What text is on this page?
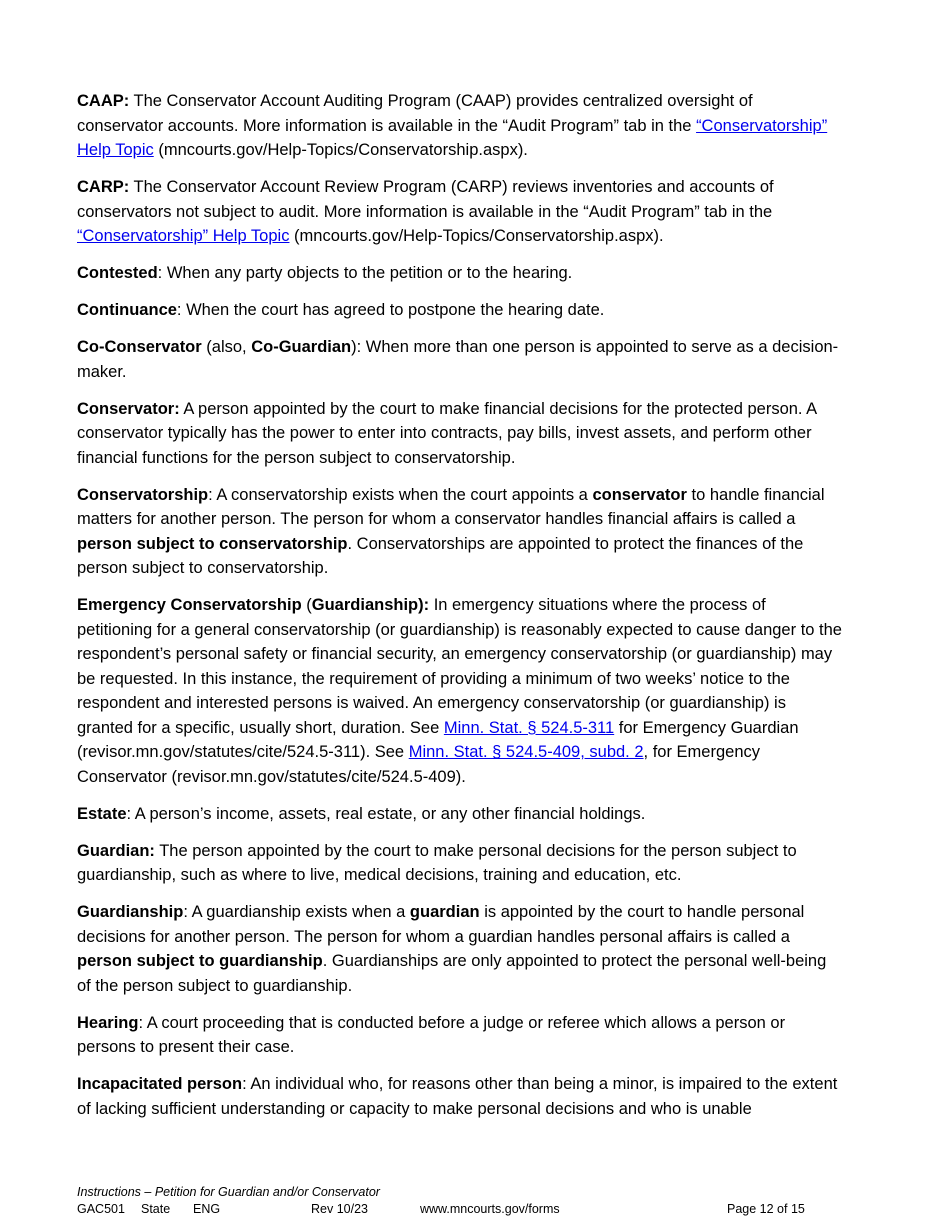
CAAP: The Conservator Account Auditing Program (CAAP) provides centralized oversight of conservator accounts. More information is available in the “Audit Program” tab in the “Conservatorship” Help Topic (mncourts.gov/Help-Topics/Conservatorship.aspx).

CARP: The Conservator Account Review Program (CARP) reviews inventories and accounts of conservators not subject to audit. More information is available in the “Audit Program” tab in the “Conservatorship” Help Topic (mncourts.gov/Help-Topics/Conservatorship.aspx).

Contested: When any party objects to the petition or to the hearing.

Continuance: When the court has agreed to postpone the hearing date.

Co-Conservator (also, Co-Guardian): When more than one person is appointed to serve as a decision-maker.

Conservator: A person appointed by the court to make financial decisions for the protected person. A conservator typically has the power to enter into contracts, pay bills, invest assets, and perform other financial functions for the person subject to conservatorship.

Conservatorship: A conservatorship exists when the court appoints a conservator to handle financial matters for another person. The person for whom a conservator handles financial affairs is called a person subject to conservatorship. Conservatorships are appointed to protect the finances of the person subject to conservatorship.

Emergency Conservatorship (Guardianship): In emergency situations where the process of petitioning for a general conservatorship (or guardianship) is reasonably expected to cause danger to the respondent’s personal safety or financial security, an emergency conservatorship (or guardianship) may be requested. In this instance, the requirement of providing a minimum of two weeks’ notice to the respondent and interested persons is waived. An emergency conservatorship (or guardianship) is granted for a specific, usually short, duration. See Minn. Stat. § 524.5-311 for Emergency Guardian (revisor.mn.gov/statutes/cite/524.5-311). See Minn. Stat. § 524.5-409, subd. 2, for Emergency Conservator (revisor.mn.gov/statutes/cite/524.5-409).

Estate: A person’s income, assets, real estate, or any other financial holdings.

Guardian: The person appointed by the court to make personal decisions for the person subject to guardianship, such as where to live, medical decisions, training and education, etc.

Guardianship: A guardianship exists when a guardian is appointed by the court to handle personal decisions for another person. The person for whom a guardian handles personal affairs is called a person subject to guardianship. Guardianships are only appointed to protect the personal well-being of the person subject to guardianship.

Hearing: A court proceeding that is conducted before a judge or referee which allows a person or persons to present their case.

Incapacitated person: An individual who, for reasons other than being a minor, is impaired to the extent of lacking sufficient understanding or capacity to make personal decisions and who is unable

Instructions – Petition for Guardian and/or Conservator
GAC501 State ENG	Rev 10/23	www.mncourts.gov/forms	Page 12 of 15
